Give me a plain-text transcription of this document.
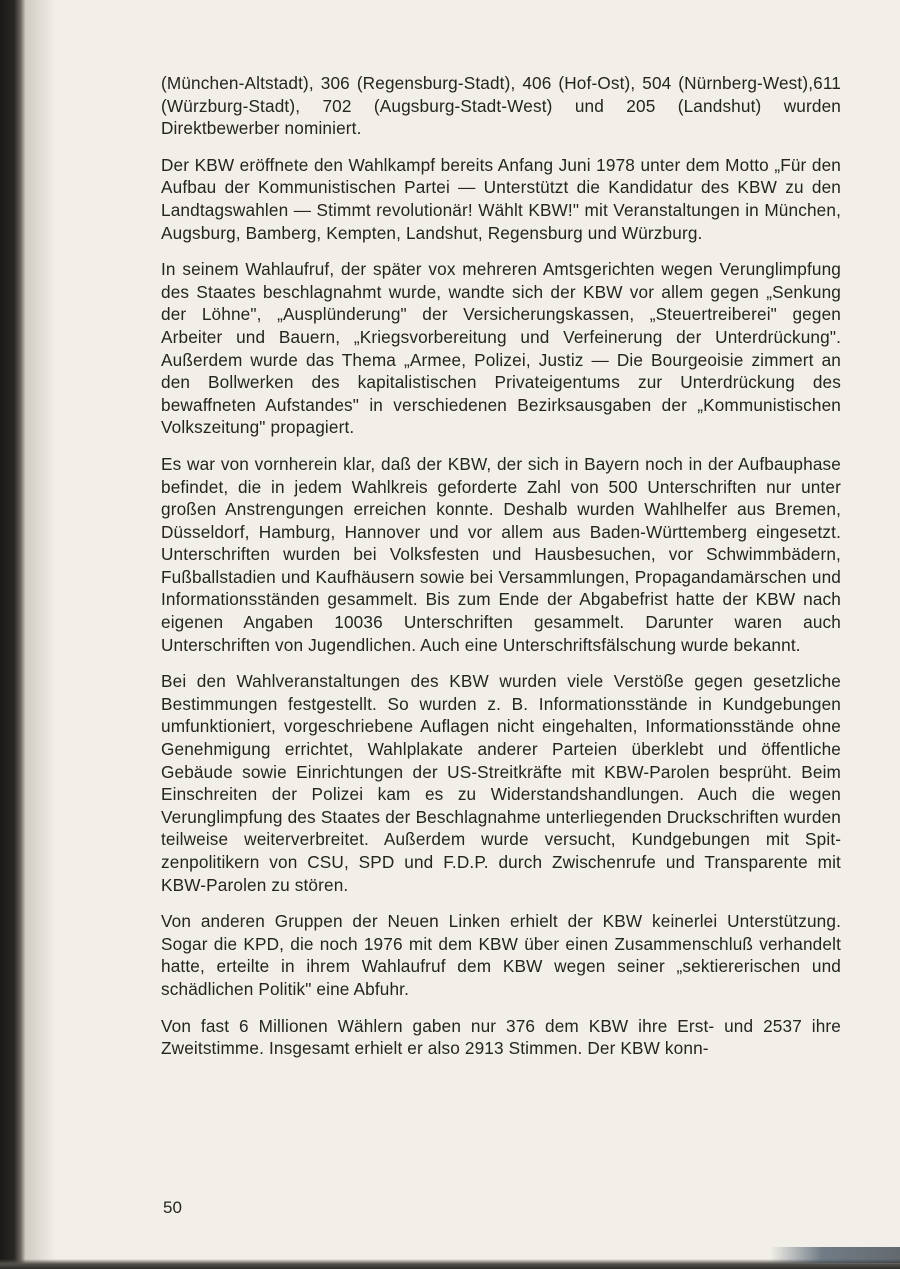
(München-Altstadt), 306 (Regensburg-Stadt), 406 (Hof-Ost), 504 (Nürnberg-West),611 (Würzburg-Stadt), 702 (Augsburg-Stadt-West) und 205 (Landshut) wurden Direktbewerber nominiert.

Der KBW eröffnete den Wahlkampf bereits Anfang Juni 1978 unter dem Motto „Für den Aufbau der Kommunistischen Partei — Unterstützt die Kandidatur des KBW zu den Landtagswahlen — Stimmt revolutionär! Wählt KBW!" mit Veranstaltungen in München, Augsburg, Bamberg, Kempten, Landshut, Regensburg und Würzburg.

In seinem Wahlaufruf, der später vox mehreren Amtsgerichten wegen Verunglimpfung des Staates beschlagnahmt wurde, wandte sich der KBW vor allem gegen „Senkung der Löhne", „Ausplünderung" der Versicherungskassen, „Steuertreiberei" gegen Arbeiter und Bauern, „Kriegsvorbereitung und Verfeinerung der Unterdrückung". Außerdem wurde das Thema „Armee, Polizei, Justiz — Die Bourgeoisie zimmert an den Bollwerken des kapitalistischen Privateigentums zur Unterdrückung des bewaffneten Aufstandes" in verschiedenen Bezirksausgaben der „Kommunistischen Volkszeitung" propagiert.

Es war von vornherein klar, daß der KBW, der sich in Bayern noch in der Aufbauphase befindet, die in jedem Wahlkreis geforderte Zahl von 500 Unterschriften nur unter großen Anstrengungen erreichen konnte. Deshalb wurden Wahlhelfer aus Bremen, Düsseldorf, Hamburg, Hannover und vor allem aus Baden-Württemberg eingesetzt. Unterschriften wurden bei Volksfesten und Hausbesuchen, vor Schwimmbädern, Fußballstadien und Kaufhäusern sowie bei Versammlungen, Propagandamärschen und Informationsständen gesammelt. Bis zum Ende der Abgabefrist hatte der KBW nach eigenen Angaben 10036 Unterschriften gesammelt. Darunter waren auch Unterschriften von Jugendlichen. Auch eine Unterschriftsfälschung wurde bekannt.

Bei den Wahlveranstaltungen des KBW wurden viele Verstöße gegen gesetzliche Bestimmungen festgestellt. So wurden z. B. Informationsstände in Kundgebungen umfunktioniert, vorgeschriebene Auflagen nicht eingehalten, Informationsstände ohne Genehmigung errichtet, Wahlplakate anderer Parteien überklebt und öffentliche Gebäude sowie Einrichtungen der US-Streitkräfte mit KBW-Parolen besprüht. Beim Einschreiten der Polizei kam es zu Widerstandshandlungen. Auch die wegen Verunglimpfung des Staates der Beschlagnahme unterliegenden Druckschriften wurden teilweise weiterverbreitet. Außerdem wurde versucht, Kundgebungen mit Spitzenpolitikern von CSU, SPD und F.D.P. durch Zwischenrufe und Transparente mit KBW-Parolen zu stören.

Von anderen Gruppen der Neuen Linken erhielt der KBW keinerlei Unterstützung. Sogar die KPD, die noch 1976 mit dem KBW über einen Zusammenschluß verhandelt hatte, erteilte in ihrem Wahlaufruf dem KBW wegen seiner „sektiererischen und schädlichen Politik" eine Abfuhr.

Von fast 6 Millionen Wählern gaben nur 376 dem KBW ihre Erst- und 2537 ihre Zweitstimme. Insgesamt erhielt er also 2913 Stimmen. Der KBW konn-

50
